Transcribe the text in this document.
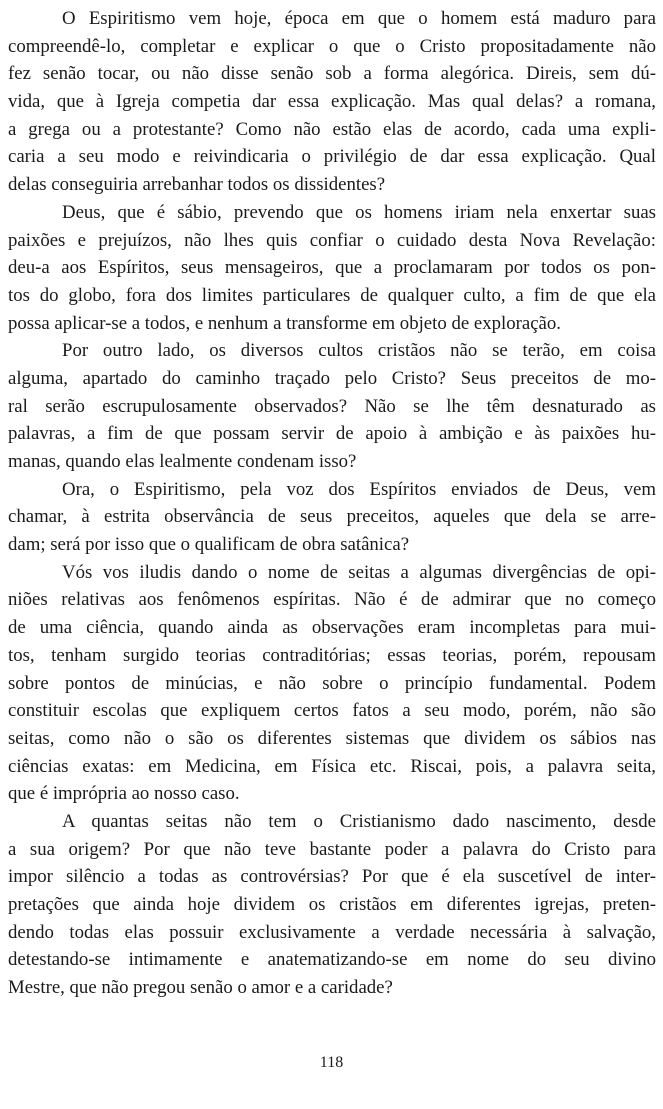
O Espiritismo vem hoje, época em que o homem está maduro para
compreendê-lo, completar e explicar o que o Cristo propositadamente não
fez senão tocar, ou não disse senão sob a forma alegórica. Direis, sem dú-
vida, que à Igreja competia dar essa explicação. Mas qual delas? a romana,
a grega ou a protestante? Como não estão elas de acordo, cada uma expli-
caria a seu modo e reivindicaria o privilégio de dar essa explicação. Qual
delas conseguiria arrebanhar todos os dissidentes?
Deus, que é sábio, prevendo que os homens iriam nela enxertar suas
paixões e prejuízos, não lhes quis confiar o cuidado desta Nova Revelação:
deu-a aos Espíritos, seus mensageiros, que a proclamaram por todos os pon-
tos do globo, fora dos limites particulares de qualquer culto, a fim de que ela
possa aplicar-se a todos, e nenhum a transforme em objeto de exploração.
Por outro lado, os diversos cultos cristãos não se terão, em coisa
alguma, apartado do caminho traçado pelo Cristo? Seus preceitos de mo-
ral serão escrupulosamente observados? Não se lhe têm desnaturado as
palavras, a fim de que possam servir de apoio à ambição e às paixões hu-
manas, quando elas lealmente condenam isso?
Ora, o Espiritismo, pela voz dos Espíritos enviados de Deus, vem
chamar, à estrita observância de seus preceitos, aqueles que dela se arre-
dam; será por isso que o qualificam de obra satânica?
Vós vos iludis dando o nome de seitas a algumas divergências de opi-
niões relativas aos fenômenos espíritas. Não é de admirar que no começo
de uma ciência, quando ainda as observações eram incompletas para mui-
tos, tenham surgido teorias contraditórias; essas teorias, porém, repousam
sobre pontos de minúcias, e não sobre o princípio fundamental. Podem
constituir escolas que expliquem certos fatos a seu modo, porém, não são
seitas, como não o são os diferentes sistemas que dividem os sábios nas
ciências exatas: em Medicina, em Física etc. Riscai, pois, a palavra seita,
que é imprópria ao nosso caso.
A quantas seitas não tem o Cristianismo dado nascimento, desde
a sua origem? Por que não teve bastante poder a palavra do Cristo para
impor silêncio a todas as controvérsias? Por que é ela suscetível de inter-
pretações que ainda hoje dividem os cristãos em diferentes igrejas, preten-
dendo todas elas possuir exclusivamente a verdade necessária à salvação,
detestando-se intimamente e anatematizando-se em nome do seu divino
Mestre, que não pregou senão o amor e a caridade?
118
